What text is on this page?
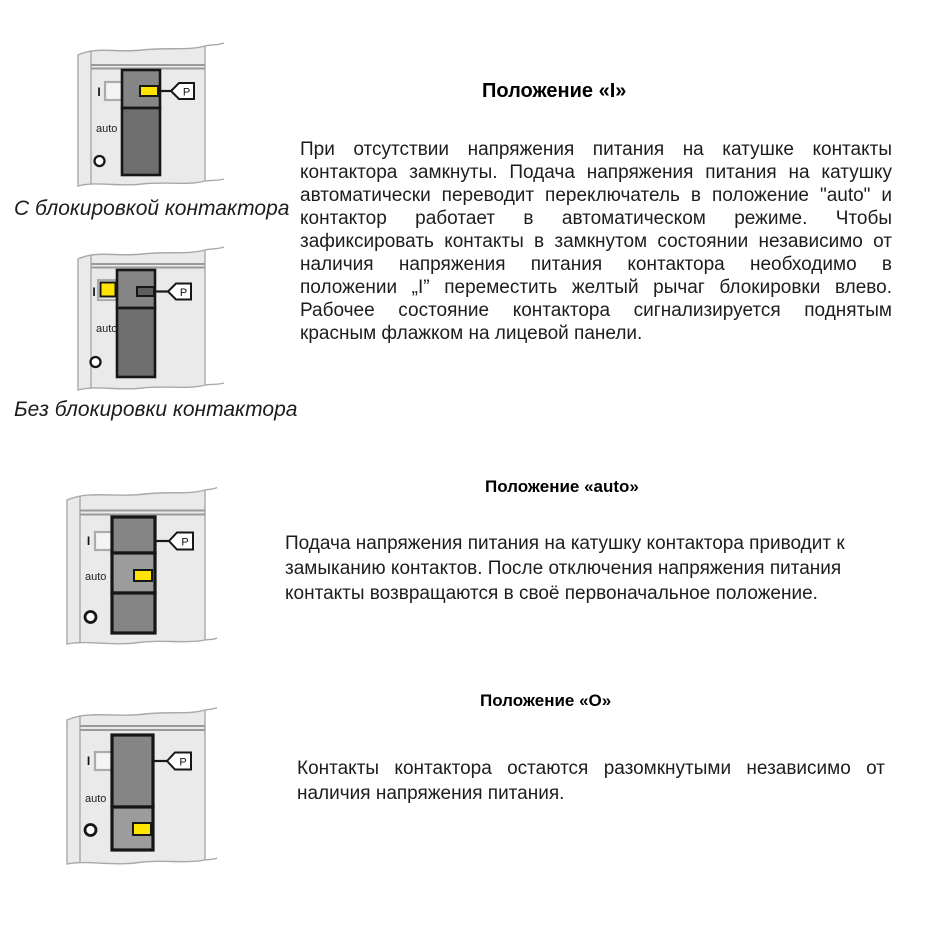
P
I
auto
С блокировкой контактора
P
I
auto
Без блокировки контактора
P
I
auto
P
I
auto
Положение «I»

При отсутствии напряжения питания на катушке контакты контактора замкнуты. Подача напряжения питания на катушку автоматически переводит переключатель в положение "auto" и контактор работает в автоматическом режиме. Чтобы зафиксировать контакты в замкнутом состоянии независимо от наличия напряжения питания контактора необходимо в положении „I” переместить желтый рычаг блокировки влево. Рабочее состояние контактора сигнализируется поднятым красным флажком на лицевой панели.

Положение «auto»

Подача напряжения питания на катушку контактора приводит к замыканию контактов. После отключения напряжения питания контакты возвращаются в своё первоначальное положение.

Положение «О»

Контакты контактора остаются разомкнутыми независимо от наличия напряжения питания.
